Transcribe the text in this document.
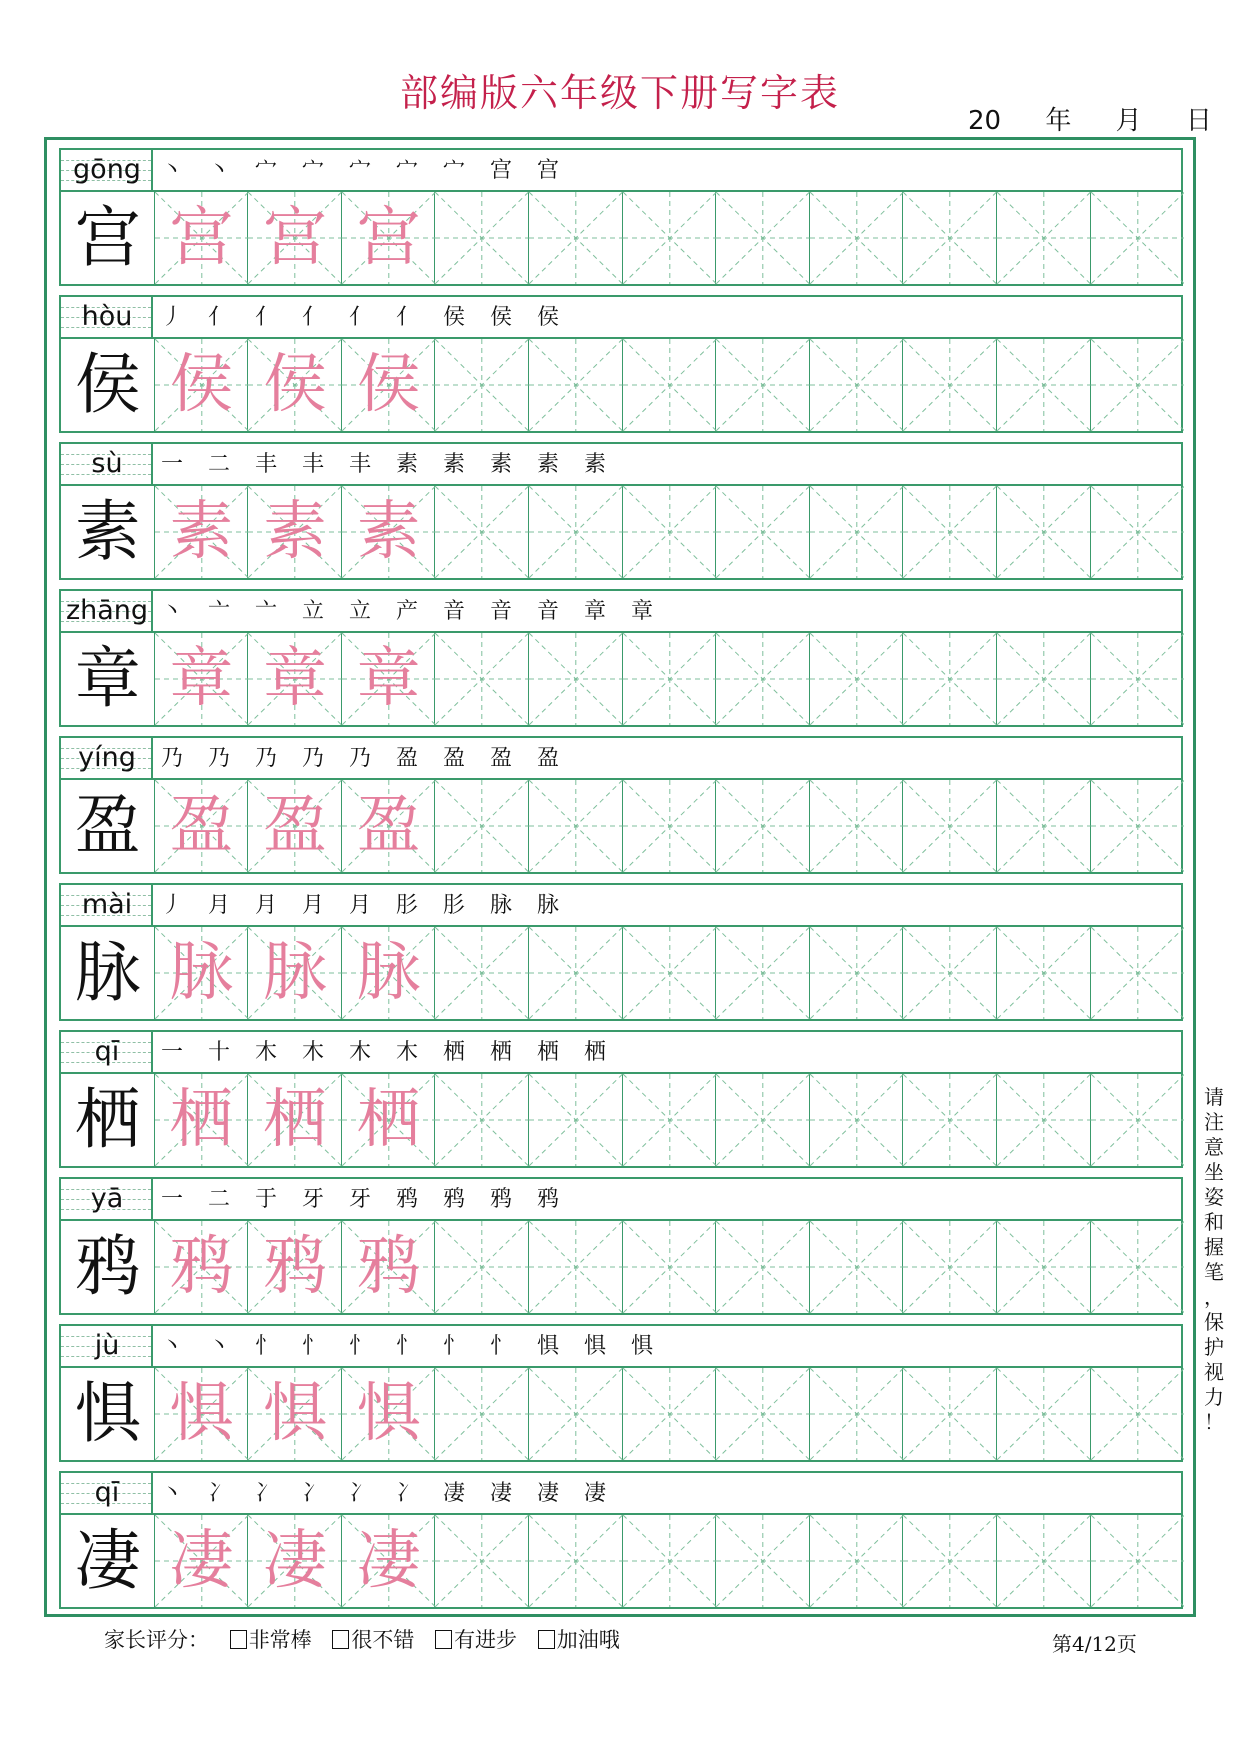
部编版六年级下册写字表
20 年 月 日
gōng 丶 丶 宀 宀 宀 宀 宀 宫 宫
宫 宫 宫 宫
hòu	丿 亻 亻 亻 亻 亻 侯 侯 侯
侯 侯 侯 侯
sù	一 二 丰 丰 丰 素 素 素 素 素
素 素 素 素
zhāng 丶 亠 亠 立 立 产 音 音 音 章 章
章 章 章 章
yíng	乃 乃 乃 乃 乃 盈 盈 盈 盈
盈 盈 盈 盈
mài	丿 月 月 月 月 肜 肜 脉 脉
脉 脉 脉 脉
qī	一 十 木 木 木 木 栖 栖 栖 栖
栖 栖 栖 栖
yā	一 二 于 牙 牙 鸦 鸦 鸦 鸦
鸦 鸦 鸦 鸦
jù	丶 丶 忄 忄 忄 忄 忄 忄 惧 惧 惧
惧 惧 惧 惧
qī	丶 冫 冫 冫 冫 冫 凄 凄 凄 凄
凄 凄 凄 凄
请
注
意
坐
姿
和
握
笔
，
保
护
视
力
！
家长评分： 非常棒 很不错 有进步 加油哦	第4/12页
